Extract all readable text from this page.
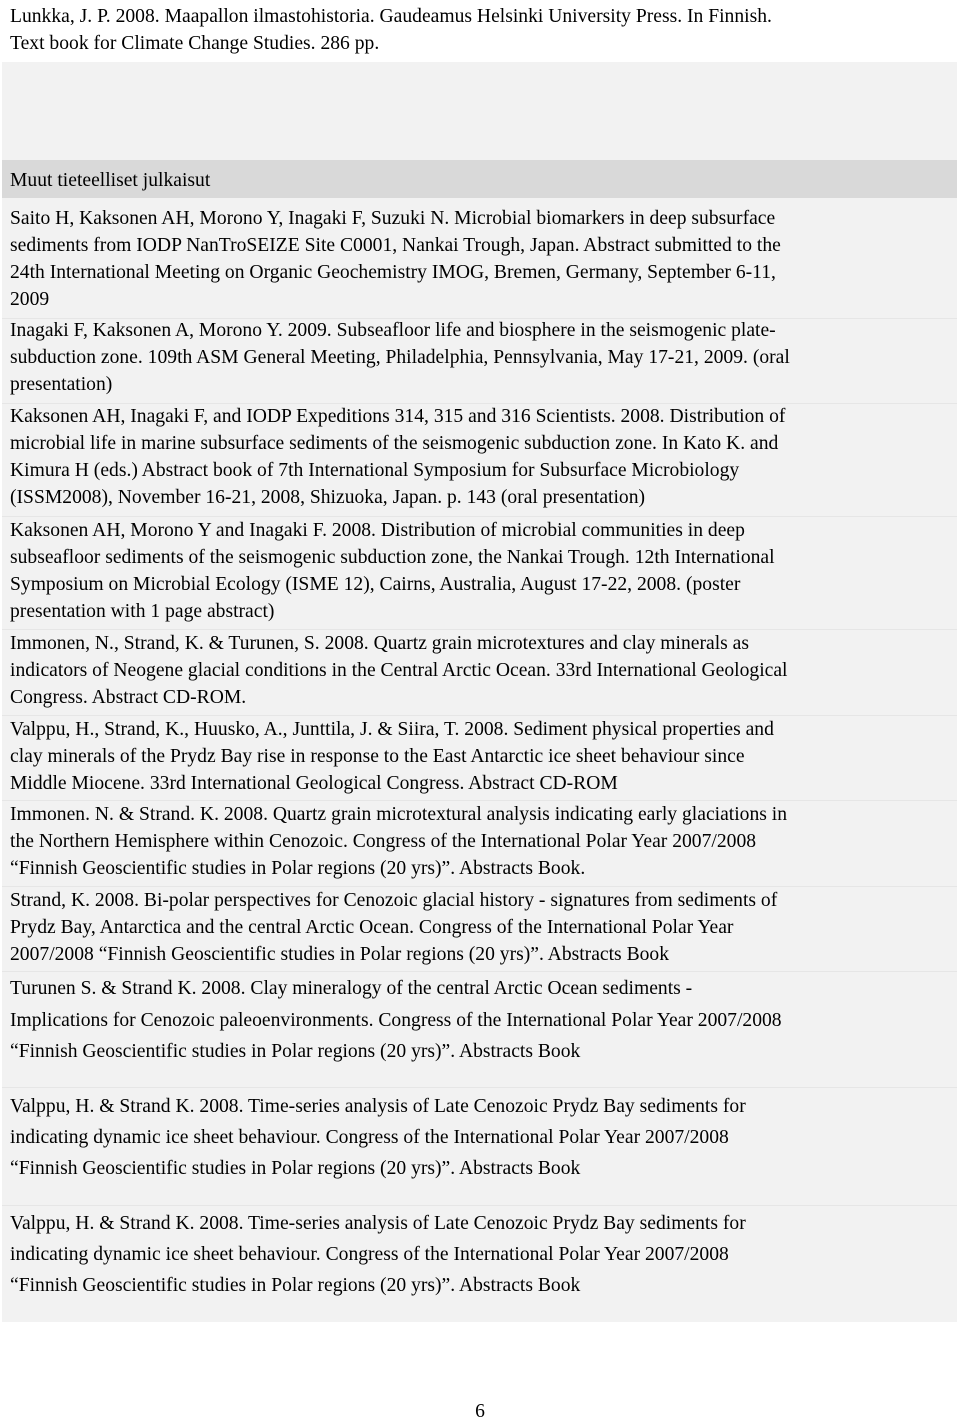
Lunkka, J. P. 2008. Maapallon ilmastohistoria. Gaudeamus Helsinki University Press. In Finnish.
Text book for Climate Change Studies. 286 pp.

Muut tieteelliset julkaisut

Saito H, Kaksonen AH, Morono Y, Inagaki F, Suzuki N. Microbial biomarkers in deep subsurface
sediments from IODP NanTroSEIZE Site C0001, Nankai Trough, Japan. Abstract submitted to the
24th International Meeting on Organic Geochemistry IMOG, Bremen, Germany, September 6-11,
2009

Inagaki F, Kaksonen A, Morono Y. 2009. Subseafloor life and biosphere in the seismogenic plate-
subduction zone. 109th ASM General Meeting, Philadelphia, Pennsylvania, May 17-21, 2009. (oral
presentation)

Kaksonen AH, Inagaki F, and IODP Expeditions 314, 315 and 316 Scientists. 2008. Distribution of
microbial life in marine subsurface sediments of the seismogenic subduction zone. In Kato K. and
Kimura H (eds.) Abstract book of 7th International Symposium for Subsurface Microbiology
(ISSM2008), November 16-21, 2008, Shizuoka, Japan. p. 143 (oral presentation)

Kaksonen AH, Morono Y and Inagaki F. 2008. Distribution of microbial communities in deep
subseafloor sediments of the seismogenic subduction zone, the Nankai Trough. 12th International
Symposium on Microbial Ecology (ISME 12), Cairns, Australia, August 17-22, 2008. (poster
presentation with 1 page abstract)

Immonen, N., Strand, K. & Turunen, S. 2008. Quartz grain microtextures and clay minerals as
indicators of Neogene glacial conditions in the Central Arctic Ocean. 33rd International Geological
Congress. Abstract CD-ROM.

Valppu, H., Strand, K., Huusko, A., Junttila, J. & Siira, T. 2008. Sediment physical properties and
clay minerals of the Prydz Bay rise in response to the East Antarctic ice sheet behaviour since
Middle Miocene. 33rd International Geological Congress. Abstract CD-ROM

Immonen. N. & Strand. K. 2008. Quartz grain microtextural analysis indicating early glaciations in
the Northern Hemisphere within Cenozoic. Congress of the International Polar Year 2007/2008
“Finnish Geoscientific studies in Polar regions (20 yrs)”. Abstracts Book.

Strand, K. 2008. Bi-polar perspectives for Cenozoic glacial history - signatures from sediments of
Prydz Bay, Antarctica and the central Arctic Ocean. Congress of the International Polar Year
2007/2008 “Finnish Geoscientific studies in Polar regions (20 yrs)”. Abstracts Book

Turunen S. & Strand K. 2008. Clay mineralogy of the central Arctic Ocean sediments -
Implications for Cenozoic paleoenvironments. Congress of the International Polar Year 2007/2008
“Finnish Geoscientific studies in Polar regions (20 yrs)”. Abstracts Book

Valppu, H. & Strand K. 2008. Time-series analysis of Late Cenozoic Prydz Bay sediments for
indicating dynamic ice sheet behaviour. Congress of the International Polar Year 2007/2008
“Finnish Geoscientific studies in Polar regions (20 yrs)”. Abstracts Book

Valppu, H. & Strand K. 2008. Time-series analysis of Late Cenozoic Prydz Bay sediments for
indicating dynamic ice sheet behaviour. Congress of the International Polar Year 2007/2008
“Finnish Geoscientific studies in Polar regions (20 yrs)”. Abstracts Book

6
